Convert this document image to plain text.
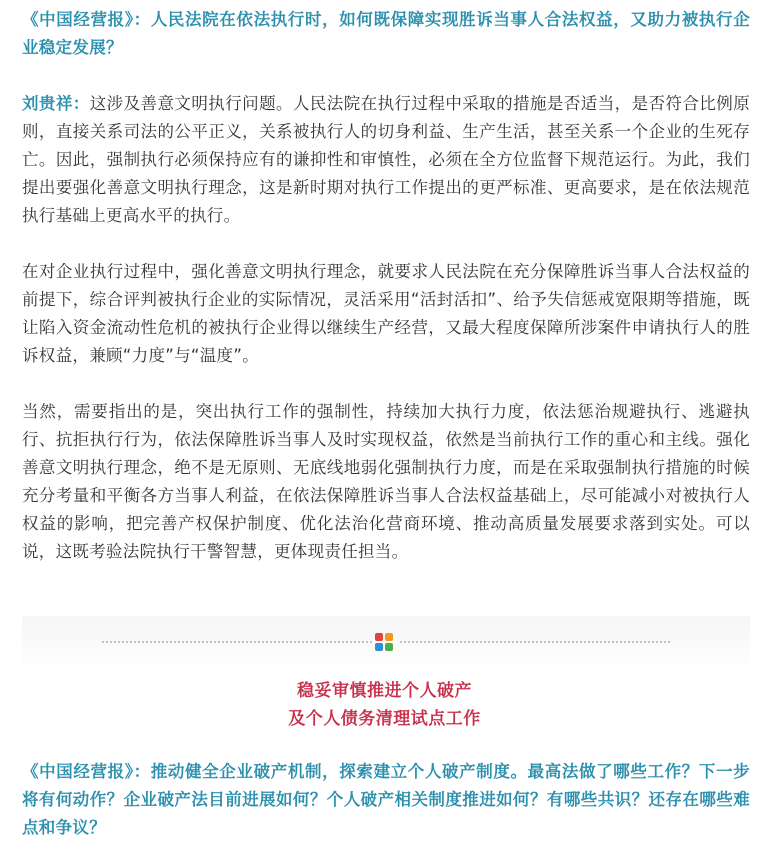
《中国经营报》：人民法院在依法执行时，如何既保障实现胜诉当事人合法权益，又助力被执行企业稳定发展？
刘贵祥：这涉及善意文明执行问题。人民法院在执行过程中采取的措施是否适当，是否符合比例原则，直接关系司法的公平正义，关系被执行人的切身利益、生产生活，甚至关系一个企业的生死存亡。因此，强制执行必须保持应有的谦抑性和审慎性，必须在全方位监督下规范运行。为此，我们提出要强化善意文明执行理念，这是新时期对执行工作提出的更严标准、更高要求，是在依法规范执行基础上更高水平的执行。
在对企业执行过程中，强化善意文明执行理念，就要求人民法院在充分保障胜诉当事人合法权益的前提下，综合评判被执行企业的实际情况，灵活采用“活封活扣”、给予失信惩戒宽限期等措施，既让陷入资金流动性危机的被执行企业得以继续生产经营，又最大程度保障所涉案件申请执行人的胜诉权益，兼顾“力度”与“温度”。
当然，需要指出的是，突出执行工作的强制性，持续加大执行力度，依法惩治规避执行、逃避执行、抗拒执行行为，依法保障胜诉当事人及时实现权益，依然是当前执行工作的重心和主线。强化善意文明执行理念，绝不是无原则、无底线地弱化强制执行力度，而是在采取强制执行措施的时候充分考量和平衡各方当事人利益，在依法保障胜诉当事人合法权益基础上，尽可能减小对被执行人权益的影响，把完善产权保护制度、优化法治化营商环境、推动高质量发展要求落到实处。可以说，这既考验法院执行干警智慧，更体现责任担当。
稳妥审慎推进个人破产
及个人债务清理试点工作
《中国经营报》：推动健全企业破产机制，探索建立个人破产制度。最高法做了哪些工作？下一步将有何动作？企业破产法目前进展如何？个人破产相关制度推进如何？有哪些共识？还存在哪些难点和争议？
